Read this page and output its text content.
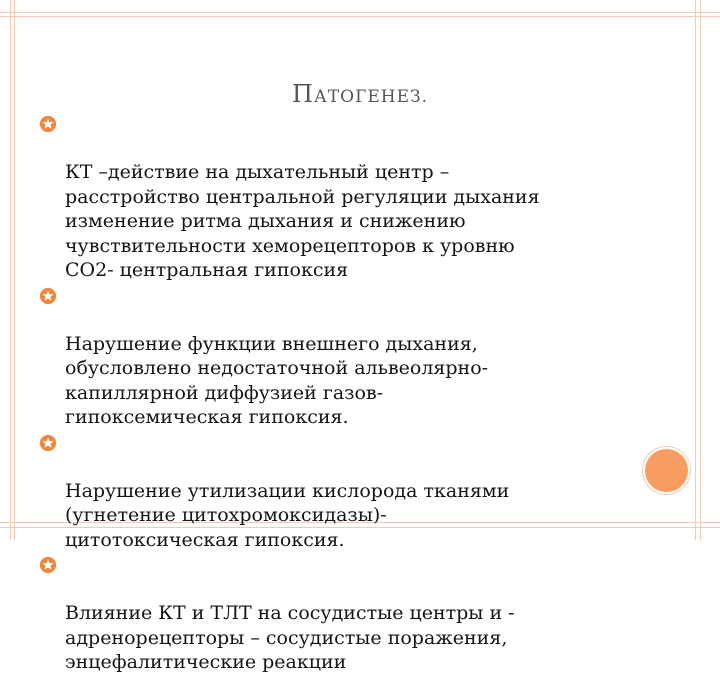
ПАТОГЕНЕЗ.

КТ –действие на дыхательный центр –
расстройство центральной регуляции дыхания
изменение ритма дыхания и снижению
чувствительности хеморецепторов к уровню
СО2- центральная гипоксия

Нарушение функции внешнего дыхания,
обусловлено недостаточной альвеолярно-
капиллярной диффузией газов-
гипоксемическая гипоксия.

Нарушение утилизации кислорода тканями
(угнетение цитохромоксидазы)-
цитотоксическая гипоксия.

Влияние КТ и ТЛТ на сосудистые центры и -
адренорецепторы – сосудистые поражения,
энцефалитические реакции
